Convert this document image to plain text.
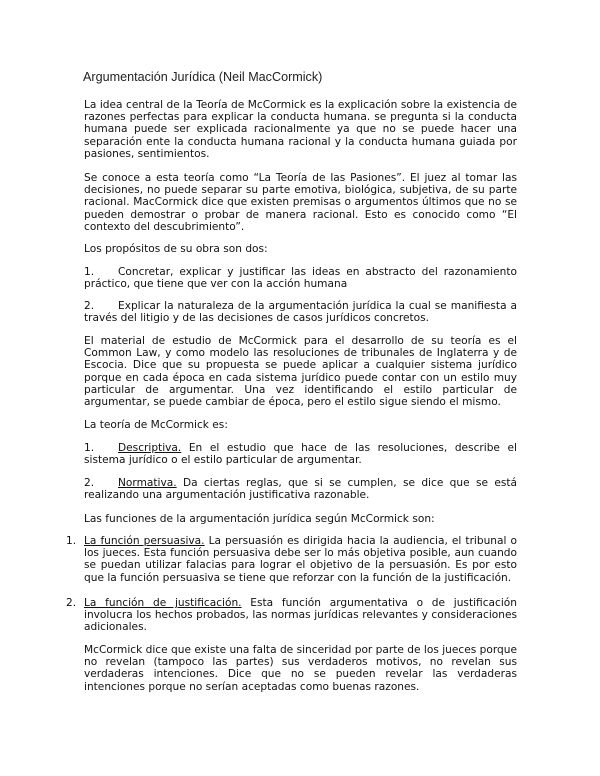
Argumentación Jurídica (Neil MacCormick)

La idea central de la Teoría de McCormick es la explicación sobre la existencia de razones perfectas para explicar la conducta humana. se pregunta si la conducta humana puede ser explicada racionalmente ya que no se puede hacer una separación ente la conducta humana racional y la conducta humana guiada por pasiones, sentimientos.

Se conoce a esta teoría como “La Teoría de las Pasiones”. El juez al tomar las decisiones, no puede separar su parte emotiva, biológica, subjetiva, de su parte racional. MacCormick dice que existen premisas o argumentos últimos que no se pueden demostrar o probar de manera racional. Esto es conocido como “El contexto del descubrimiento”.

Los propósitos de su obra son dos:

1. Concretar, explicar y justificar las ideas en abstracto del razonamiento práctico, que tiene que ver con la acción humana

2. Explicar la naturaleza de la argumentación jurídica la cual se manifiesta a través del litigio y de las decisiones de casos jurídicos concretos.

El material de estudio de McCormick para el desarrollo de su teoría es el Common Law, y como modelo las resoluciones de tribunales de Inglaterra y de Escocia. Dice que su propuesta se puede aplicar a cualquier sistema jurídico porque en cada época en cada sistema jurídico puede contar con un estilo muy particular de argumentar. Una vez identificando el estilo particular de argumentar, se puede cambiar de época, pero el estilo sigue siendo el mismo.

La teoría de McCormick es:

1. Descriptiva. En el estudio que hace de las resoluciones, describe el sistema jurídico o el estilo particular de argumentar.

2. Normativa. Da ciertas reglas, que si se cumplen, se dice que se está realizando una argumentación justificativa razonable.

Las funciones de la argumentación jurídica según McCormick son:

1. La función persuasiva. La persuasión es dirigida hacia la audiencia, el tribunal o los jueces. Esta función persuasiva debe ser lo más objetiva posible, aun cuando se puedan utilizar falacias para lograr el objetivo de la persuasión. Es por esto que la función persuasiva se tiene que reforzar con la función de la justificación.
2. La función de justificación. Esta función argumentativa o de justificación involucra los hechos probados, las normas jurídicas relevantes y consideraciones adicionales.

McCormick dice que existe una falta de sinceridad por parte de los jueces porque no revelan (tampoco las partes) sus verdaderos motivos, no revelan sus verdaderas intenciones. Dice que no se pueden revelar las verdaderas intenciones porque no serían aceptadas como buenas razones.
